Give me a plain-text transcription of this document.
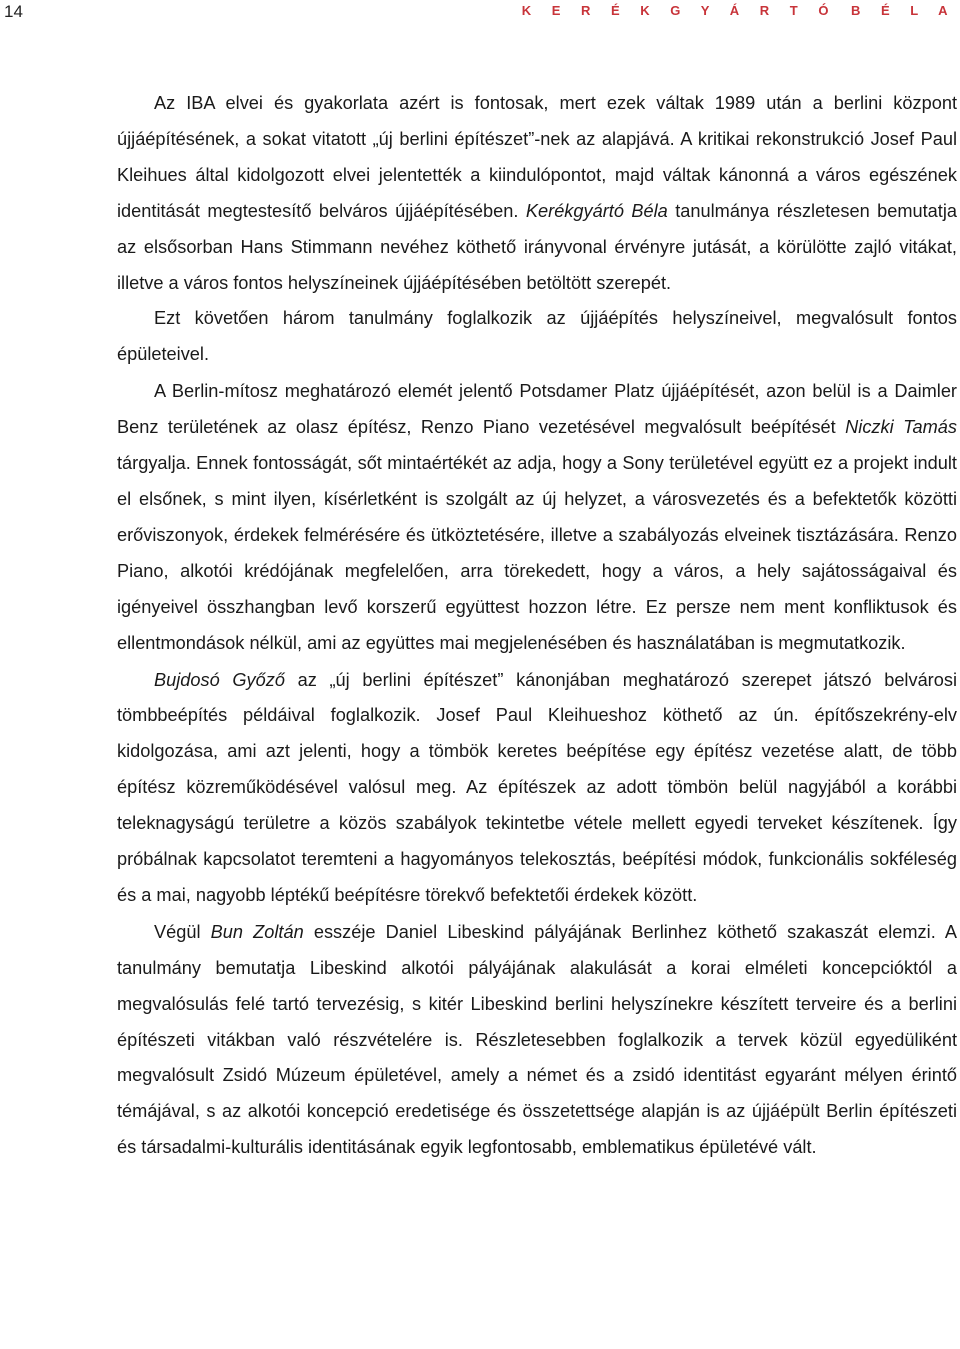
14	K E R É K G Y Á R T Ó B É L A

Az IBA elvei és gyakorlata azért is fontosak, mert ezek váltak 1989 után a berlini központ újjáépítésének, a sokat vitatott „új berlini építészet”-nek az alapjává. A kritikai rekonstrukció Josef Paul Kleihues által kidolgozott elvei jelentették a kiindulópontot, majd váltak kánonná a város egészének identitását megtestesítő belváros újjáépítésében. Kerékgyártó Béla tanulmánya részletesen bemutatja az elsősorban Hans Stimmann nevéhez köthető irányvonal érvényre jutását, a körülötte zajló vitákat, illetve a város fontos helyszíneinek újjáépítésében betöltött szerepét.

Ezt követően három tanulmány foglalkozik az újjáépítés helyszíneivel, megvalósult fontos épületeivel.

A Berlin-mítosz meghatározó elemét jelentő Potsdamer Platz újjáépítését, azon belül is a Daimler Benz területének az olasz építész, Renzo Piano vezetésével megvalósult beépítését Niczki Tamás tárgyalja. Ennek fontosságát, sőt mintaértékét az adja, hogy a Sony területével együtt ez a projekt indult el elsőnek, s mint ilyen, kísérletként is szolgált az új helyzet, a városvezetés és a befektetők közötti erőviszonyok, érdekek felmérésére és ütköztetésére, illetve a szabályozás elveinek tisztázására. Renzo Piano, alkotói krédójának megfelelően, arra törekedett, hogy a város, a hely sajátosságaival és igényeivel összhangban levő korszerű együttest hozzon létre. Ez persze nem ment konfliktusok és ellentmondások nélkül, ami az együttes mai megjelenésében és használatában is megmutatkozik.

Bujdosó Győző az „új berlini építészet” kánonjában meghatározó szerepet játszó belvárosi tömbbeépítés példáival foglalkozik. Josef Paul Kleihueshoz köthető az ún. építőszekrény-elv kidolgozása, ami azt jelenti, hogy a tömbök keretes beépítése egy építész vezetése alatt, de több építész közreműködésével valósul meg. Az építészek az adott tömbön belül nagyjából a korábbi teleknagyságú területre a közös szabályok tekintetbe vétele mellett egyedi terveket készítenek. Így próbálnak kapcsolatot teremteni a hagyományos telekosztás, beépítési módok, funkcionális sokféleség és a mai, nagyobb léptékű beépítésre törekvő befektetői érdekek között.

Végül Bun Zoltán esszéje Daniel Libeskind pályájának Berlinhez köthető szakaszát elemzi. A tanulmány bemutatja Libeskind alkotói pályájának alakulását a korai elméleti koncepcióktól a megvalósulás felé tartó tervezésig, s kitér Libeskind berlini helyszínekre készített terveire és a berlini építészeti vitákban való részvételére is. Részletesebben foglalkozik a tervek közül egyedüliként megvalósult Zsidó Múzeum épületével, amely a német és a zsidó identitást egyaránt mélyen érintő témájával, s az alkotói koncepció eredetisége és összetettsége alapján is az újjáépült Berlin építészeti és társadalmi-kulturális identitásának egyik legfontosabb, emblematikus épületévé vált.
